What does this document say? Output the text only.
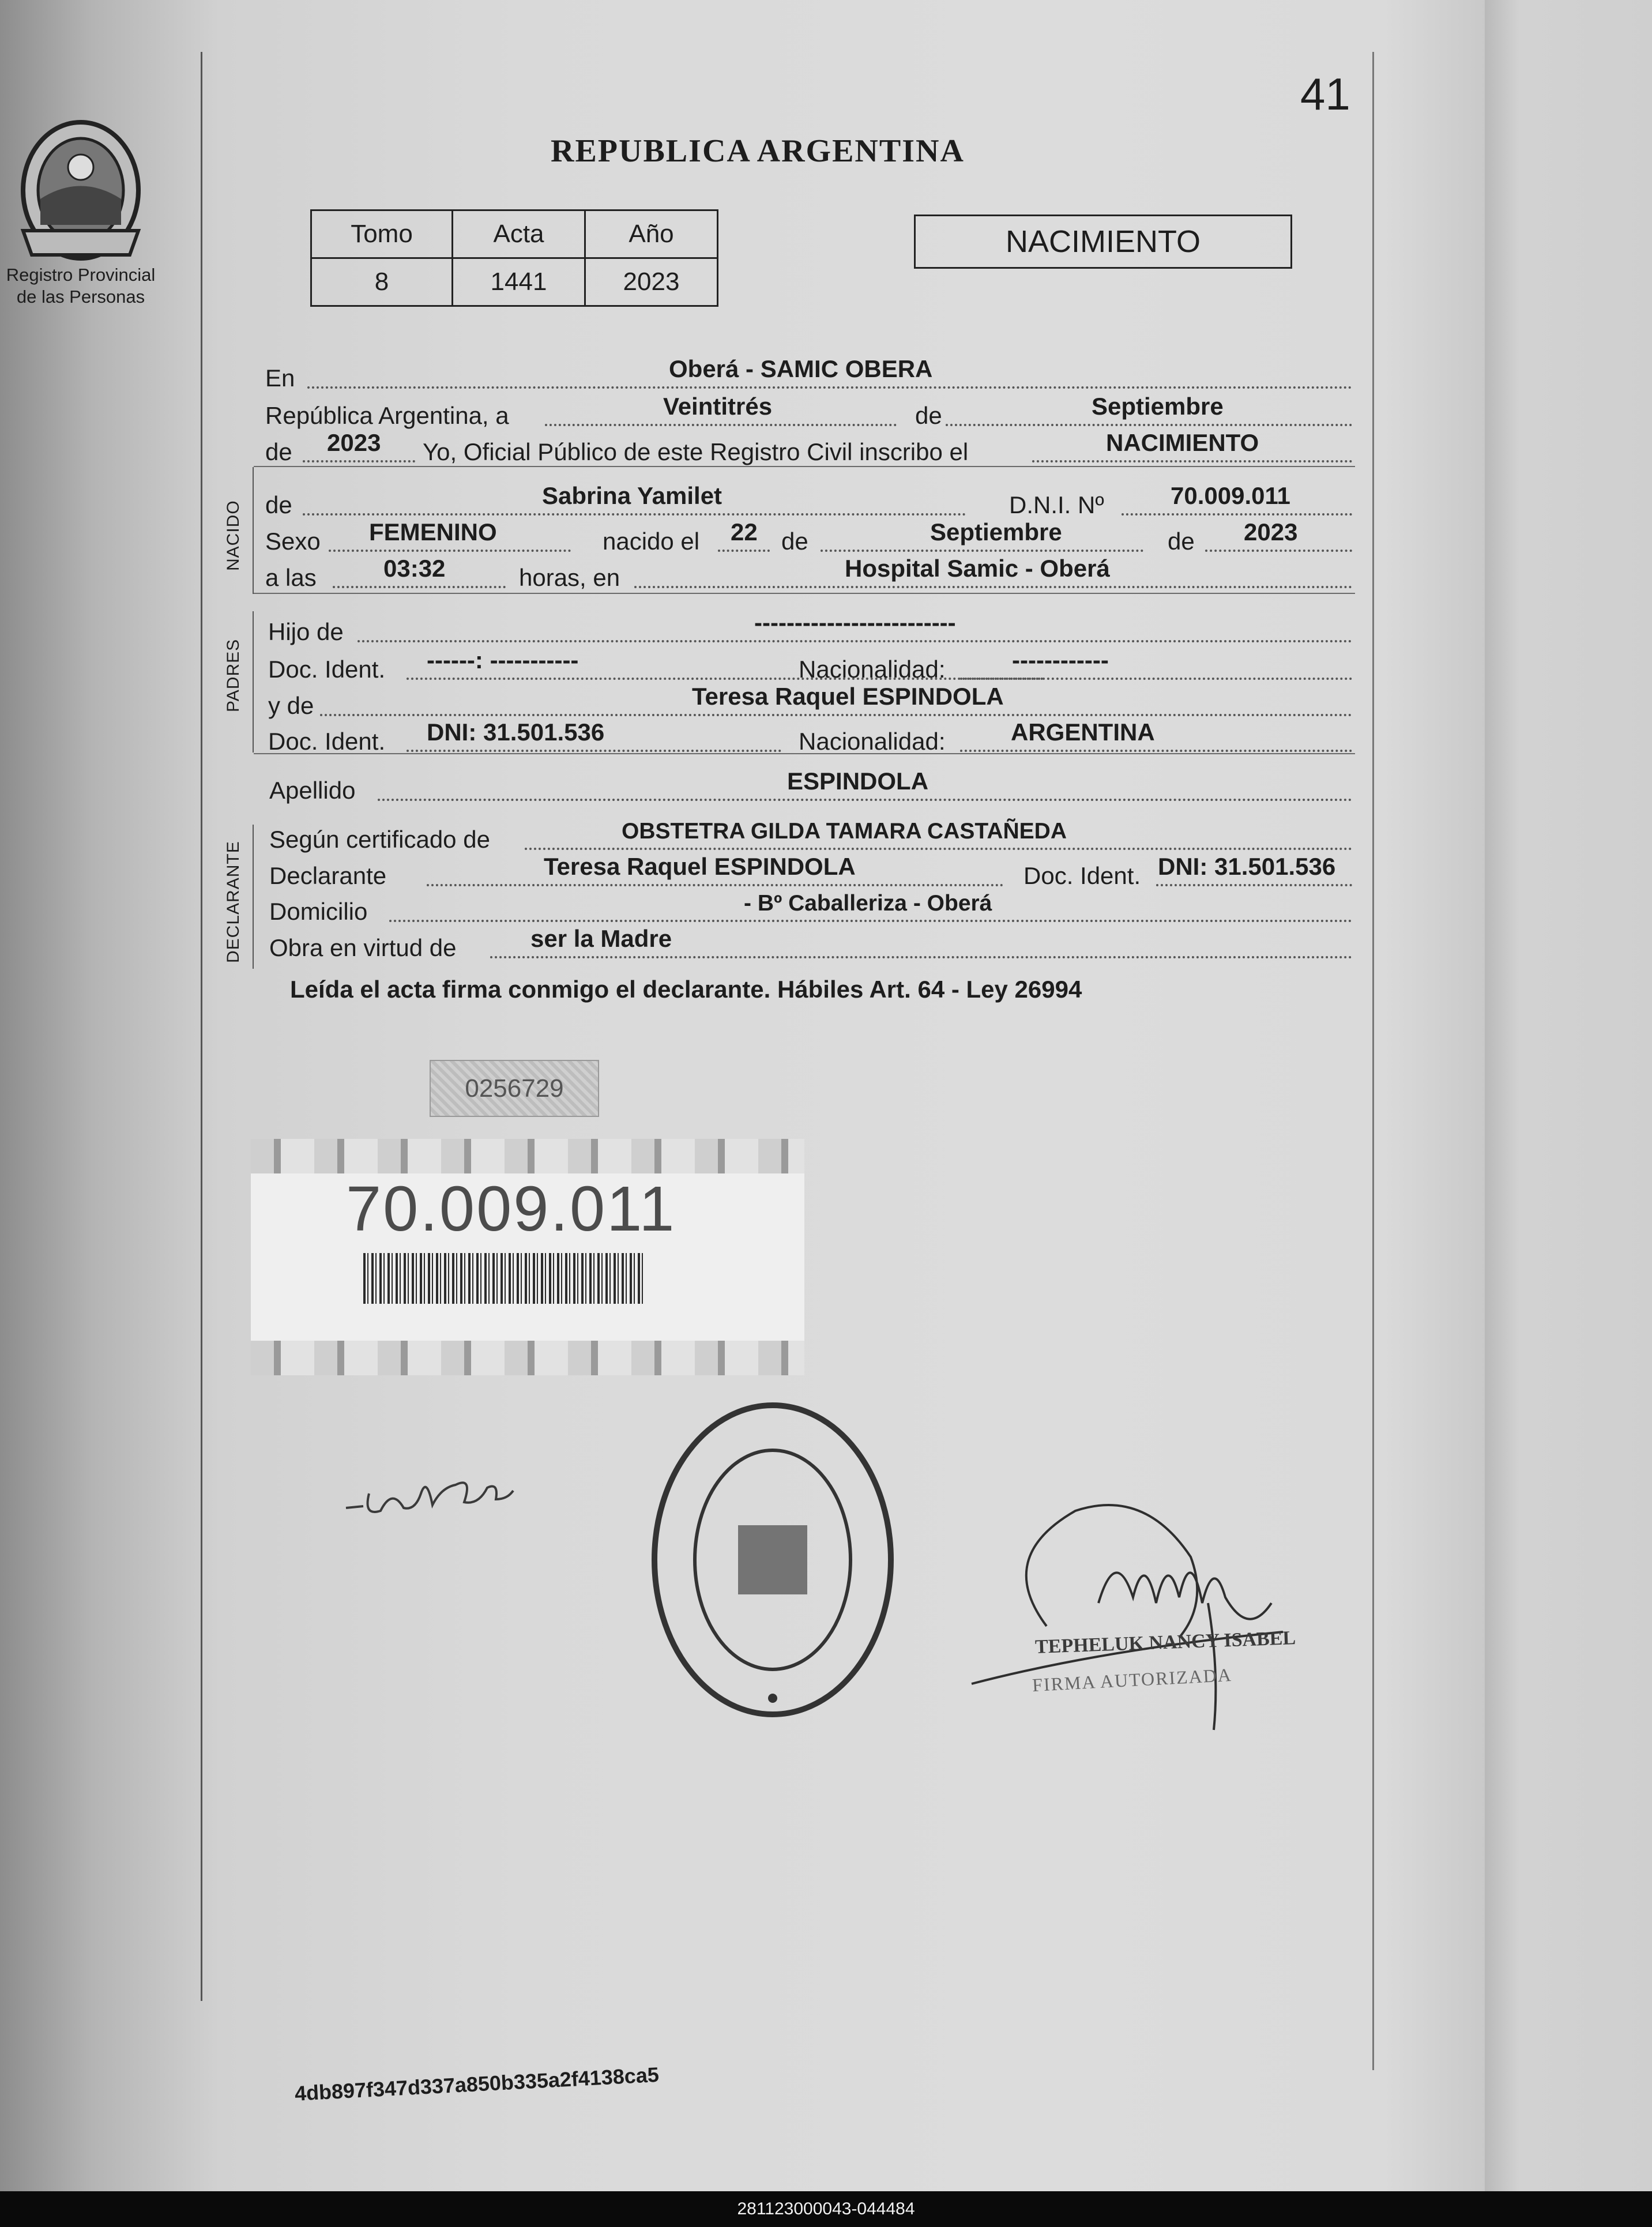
41
Registro Provincial
de las Personas
REPUBLICA ARGENTINA
Tomo	Acta	Año
8	1441	2023
NACIMIENTO
NACIDO
PADRES
DECLARANTE
En	Oberá - SAMIC OBERA
República Argentina, a	Veintitrés	de	Septiembre
de 2023 Yo, Oficial Público de este Registro Civil inscribo el	NACIMIENTO
de	Sabrina Yamilet	D.N.I. Nº	70.009.011
Sexo FEMENINO	nacido el 22 de	Septiembre	de 2023
a las	03:32	horas, en	Hospital Samic - Oberá
Hijo de	-------------------------
Doc. Ident. ------: -----------	Nacionalidad:	------------
y de	Teresa Raquel ESPINDOLA
Doc. Ident. DNI: 31.501.536	Nacionalidad:	ARGENTINA
Apellido	ESPINDOLA
Según certificado de	OBSTETRA GILDA TAMARA CASTAÑEDA
Declarante	Teresa Raquel ESPINDOLA	Doc. Ident. DNI: 31.501.536
Domicilio	- Bº Caballeriza - Oberá
Obra en virtud de	ser la Madre
Leída el acta firma conmigo el declarante. Hábiles Art. 64 - Ley 26994
0256729
70.009.011
TEPHELUK NANCY ISABEL
FIRMA AUTORIZADA
4db897f347d337a850b335a2f4138ca5
281123000043-044484
